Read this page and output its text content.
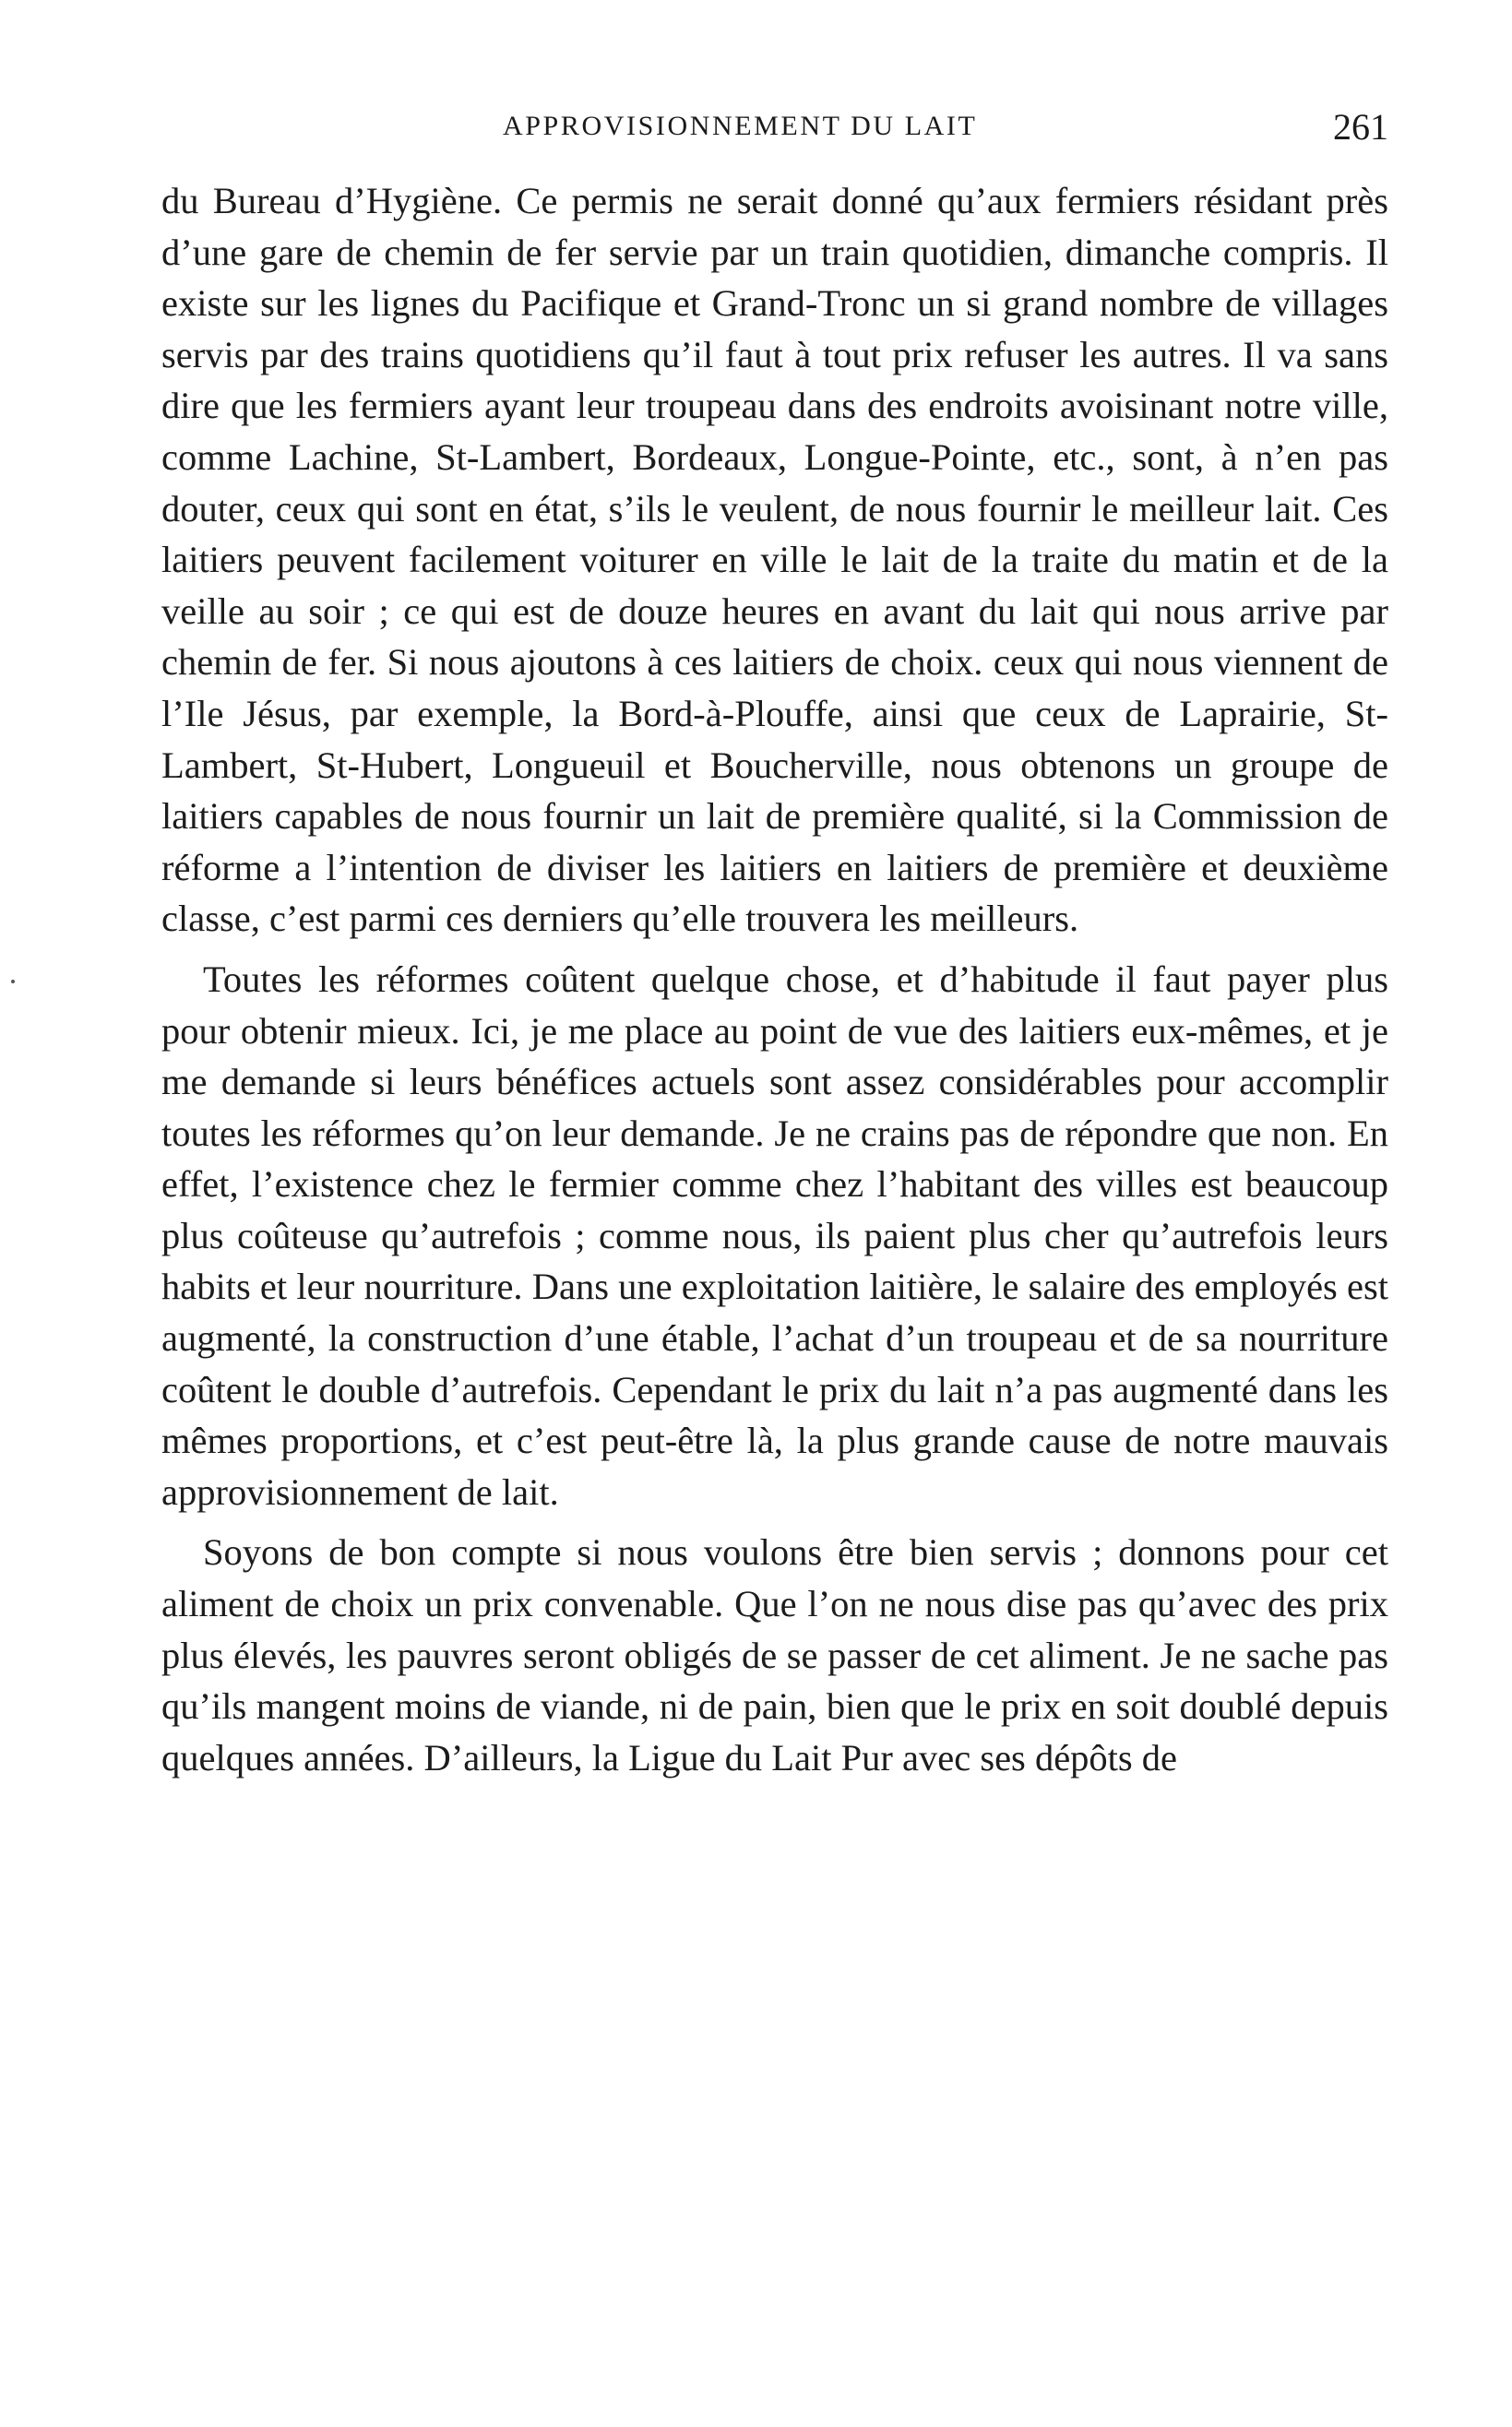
APPROVISIONNEMENT DU LAIT	261

du Bureau d’Hygiène. Ce permis ne serait donné qu’aux fermiers résidant près d’une gare de chemin de fer servie par un train quotidien, dimanche compris. Il existe sur les lignes du Pacifique et Grand-Tronc un si grand nombre de villages servis par des trains quotidiens qu’il faut à tout prix refuser les autres. Il va sans dire que les fermiers ayant leur troupeau dans des endroits avoisinant notre ville, comme Lachine, St-Lambert, Bordeaux, Longue-Pointe, etc., sont, à n’en pas douter, ceux qui sont en état, s’ils le veulent, de nous fournir le meilleur lait. Ces laitiers peuvent facilement voiturer en ville le lait de la traite du matin et de la veille au soir ; ce qui est de douze heures en avant du lait qui nous arrive par chemin de fer. Si nous ajoutons à ces laitiers de choix. ceux qui nous viennent de l’Ile Jésus, par exemple, la Bord-à-Plouffe, ainsi que ceux de Laprairie, St-Lambert, St-Hubert, Longueuil et Boucherville, nous obtenons un groupe de laitiers capables de nous fournir un lait de première qualité, si la Commission de réforme a l’intention de diviser les laitiers en laitiers de première et deuxième classe, c’est parmi ces derniers qu’elle trouvera les meilleurs.

Toutes les réformes coûtent quelque chose, et d’habitude il faut payer plus pour obtenir mieux. Ici, je me place au point de vue des laitiers eux-mêmes, et je me demande si leurs bénéfices actuels sont assez considérables pour accomplir toutes les réformes qu’on leur demande. Je ne crains pas de répondre que non. En effet, l’existence chez le fermier comme chez l’habitant des villes est beaucoup plus coûteuse qu’autrefois ; comme nous, ils paient plus cher qu’autrefois leurs habits et leur nourriture. Dans une exploitation laitière, le salaire des employés est augmenté, la construction d’une étable, l’achat d’un troupeau et de sa nourriture coûtent le double d’autrefois. Cependant le prix du lait n’a pas augmenté dans les mêmes proportions, et c’est peut-être là, la plus grande cause de notre mauvais approvisionnement de lait.

Soyons de bon compte si nous voulons être bien servis ; donnons pour cet aliment de choix un prix convenable. Que l’on ne nous dise pas qu’avec des prix plus élevés, les pauvres seront obligés de se passer de cet aliment. Je ne sache pas qu’ils mangent moins de viande, ni de pain, bien que le prix en soit doublé depuis quelques années. D’ailleurs, la Ligue du Lait Pur avec ses dépôts de
